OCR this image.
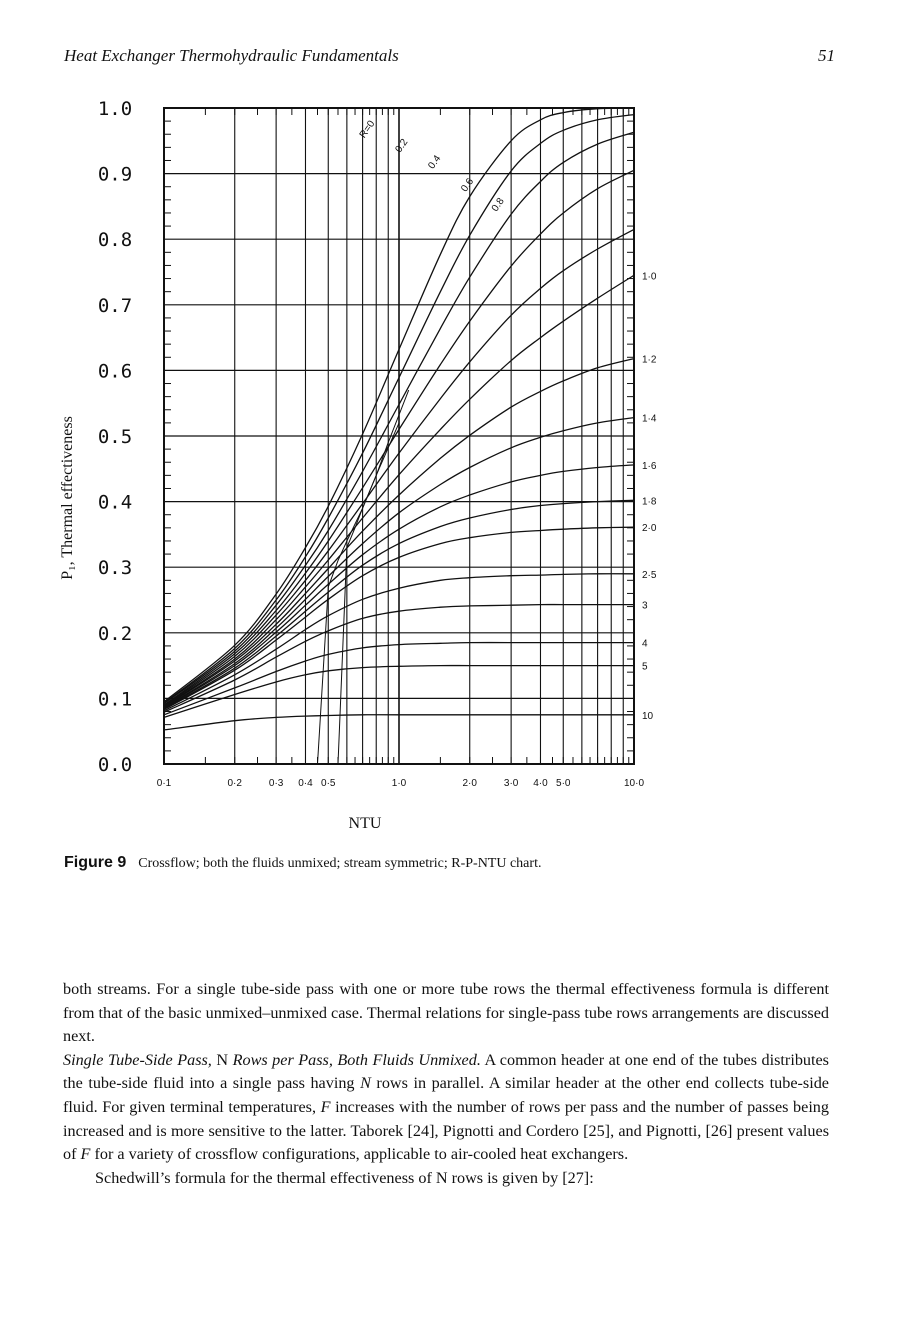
Heat Exchanger Thermohydraulic Fundamentals	51
R=0
0.2
0.4
0.6
0.8
1·0
1·2
1·4
1·6
1·8
2·0
2·5
3
4
5
10
1.0
0.9
0.8
0.7
0.6
0.5
0.4
0.3
0.2
0.1
0.0
0·1	0·2	0·3 0·4 0·5	1·0	2·0	3·0 4·0 5·0	10·0
NTU
P₁, Thermal effectiveness
Figure 9 Crossflow; both the fluids unmixed; stream symmetric; R-P-NTU chart.

both streams. For a single tube-side pass with one or more tube rows the thermal effectiveness formula is different from that of the basic unmixed–unmixed case. Thermal relations for single-pass tube rows arrangements are discussed next.

Single Tube-Side Pass, N Rows per Pass, Both Fluids Unmixed. A common header at one end of the tubes distributes the tube-side fluid into a single pass having N rows in parallel. A similar header at the other end collects tube-side fluid. For given terminal temperatures, F increases with the number of rows per pass and the number of passes being increased and is more sensitive to the latter. Taborek [24], Pignotti and Cordero [25], and Pignotti, [26] present values of F for a variety of crossflow configurations, applicable to air-cooled heat exchangers.

Schedwill’s formula for the thermal effectiveness of N rows is given by [27]:
